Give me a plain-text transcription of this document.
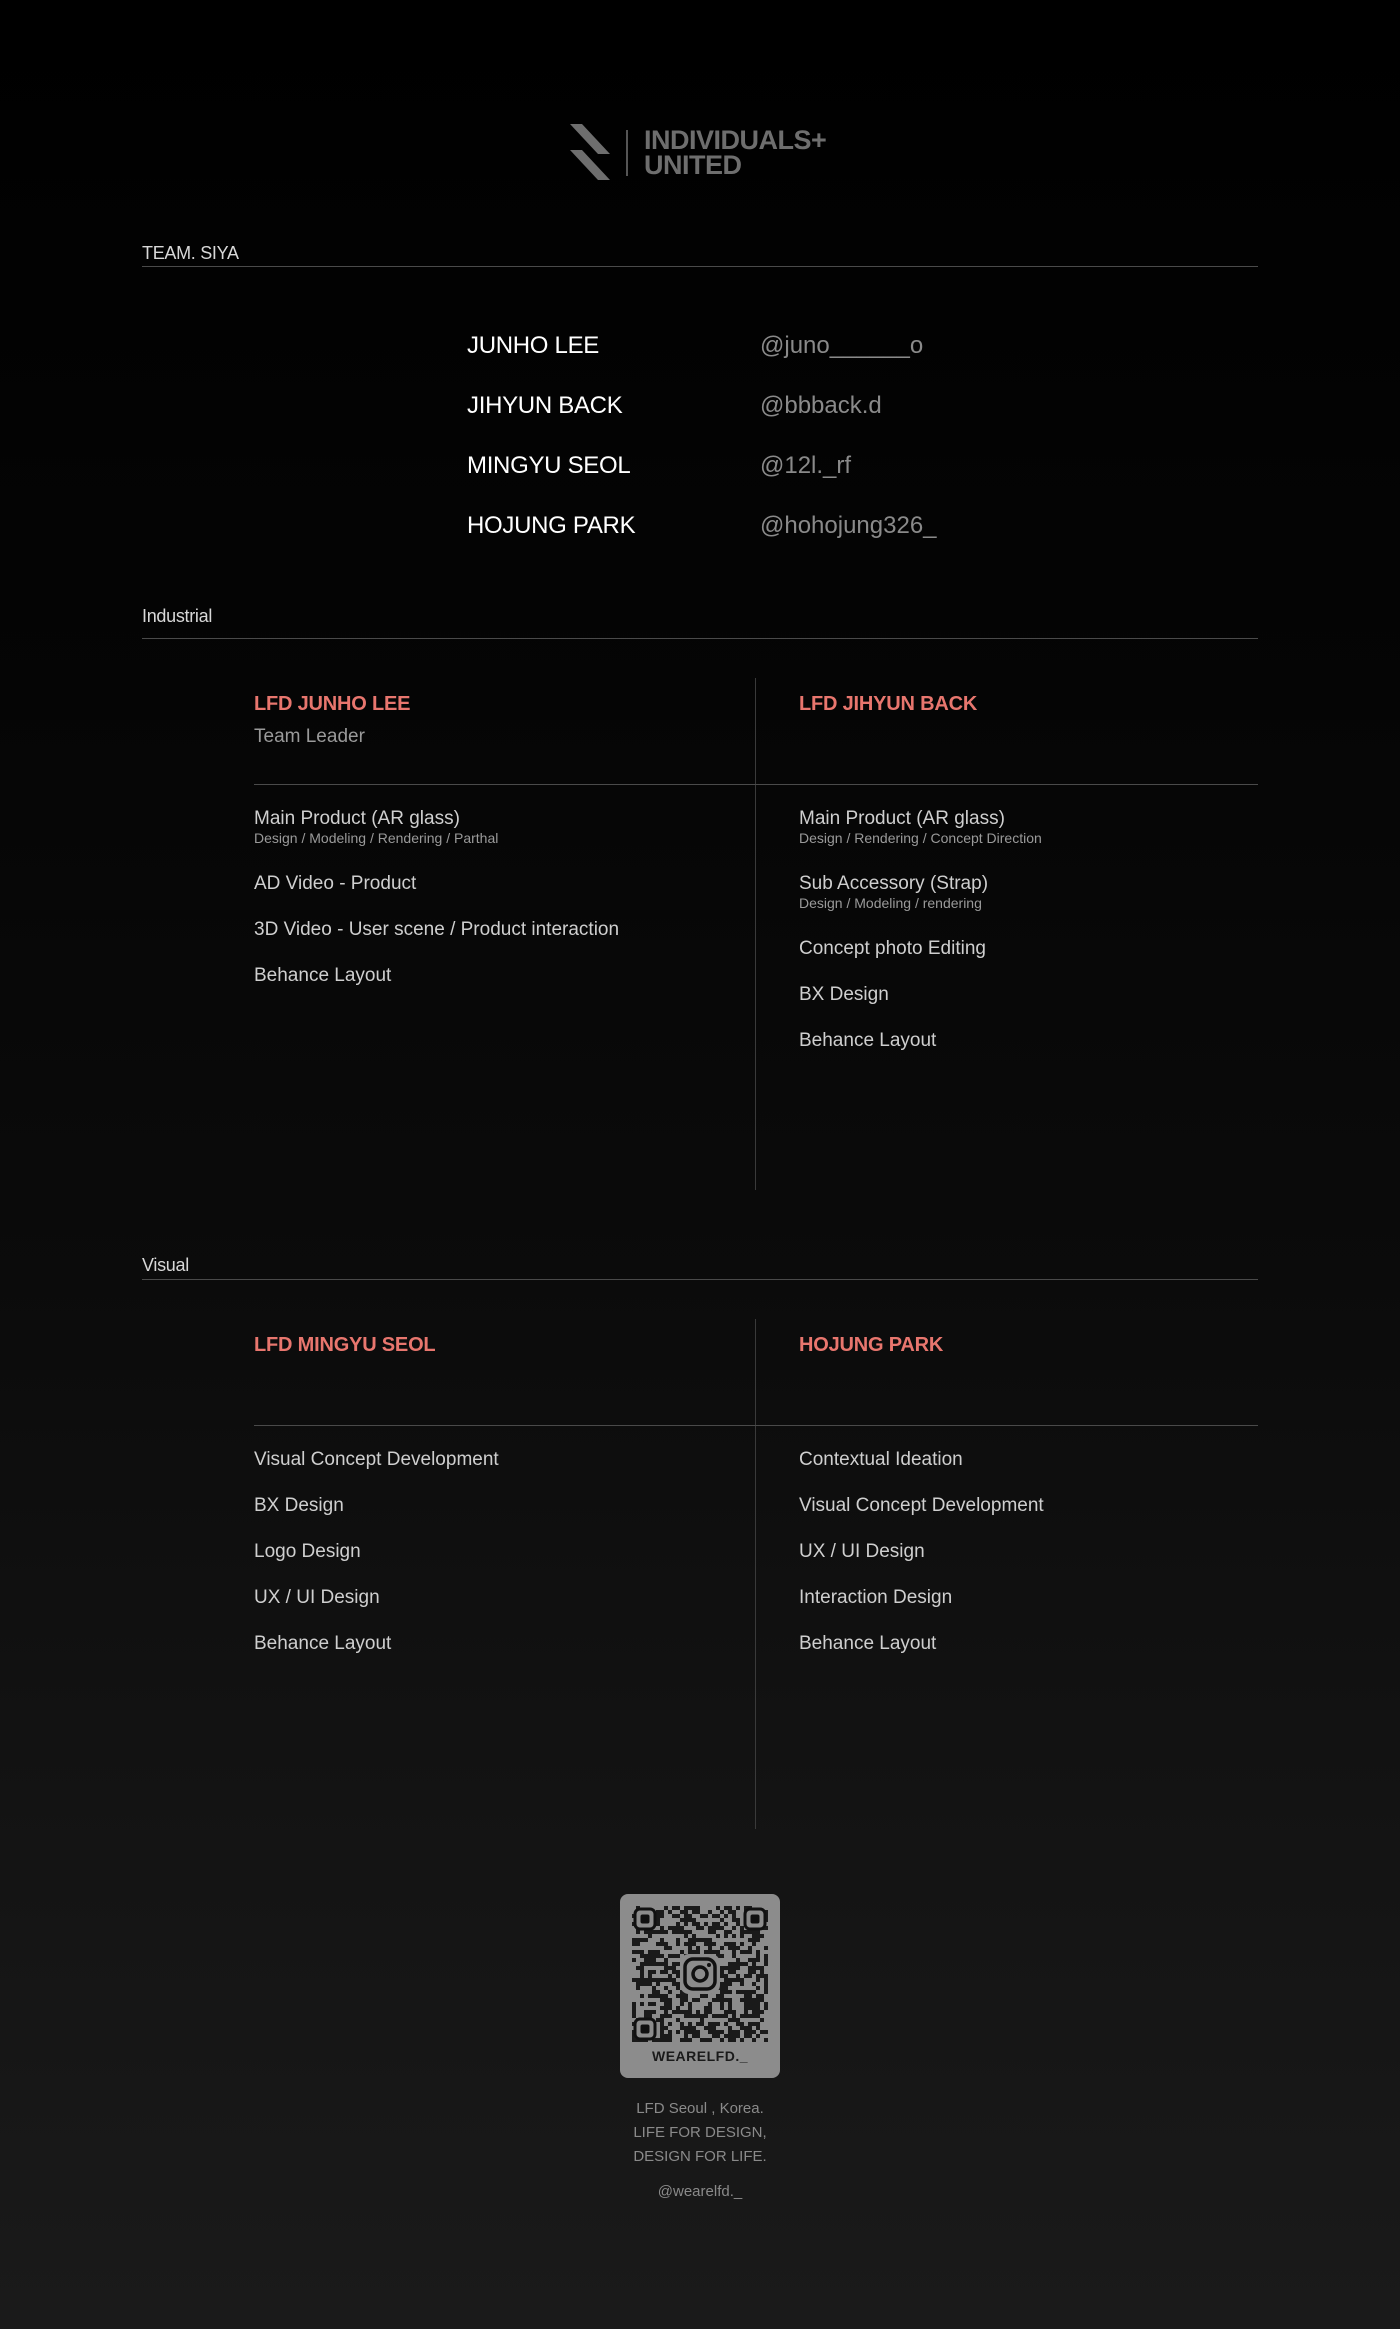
INDIVIDUALS+
UNITED
TEAM. SIYA
JUNHO LEE	@juno______o
JIHYUN BACK	@bbback.d
MINGYU SEOL	@12l._rf
HOJUNG PARK	@hohojung326_
Industrial
LFD JUNHO LEE
Team Leader
Main Product (AR glass)
Design / Modeling / Rendering / Parthal
AD Video - Product
3D Video - User scene / Product interaction
Behance Layout
LFD JIHYUN BACK
Main Product (AR glass)
Design / Rendering / Concept Direction
Sub Accessory (Strap)
Design / Modeling / rendering
Concept photo Editing
BX Design
Behance Layout
Visual
LFD MINGYU SEOL
Visual Concept Development
BX Design
Logo Design
UX / UI Design
Behance Layout
HOJUNG PARK
Contextual Ideation
Visual Concept Development
UX / UI Design
Interaction Design
Behance Layout
WEARELFD._
LFD Seoul , Korea.
LIFE FOR DESIGN,
DESIGN FOR LIFE.
@wearelfd._
